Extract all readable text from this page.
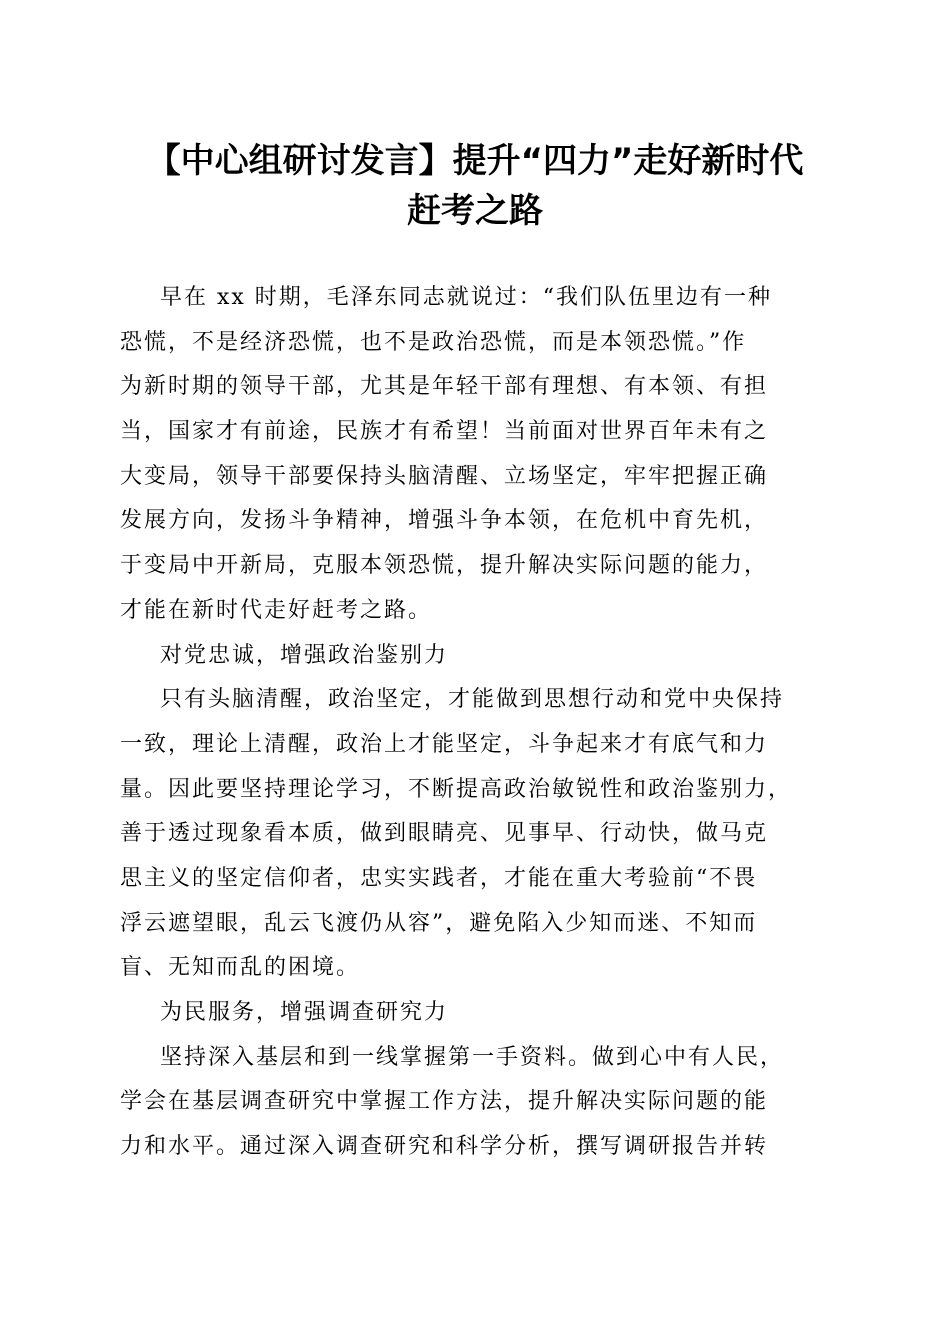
【中心组研讨发言】提升“四力”走好新时代
赶考之路
早在 xx 时期，毛泽东同志就说过：“我们队伍里边有一种
恐慌，不是经济恐慌，也不是政治恐慌，而是本领恐慌。”作
为新时期的领导干部，尤其是年轻干部有理想、有本领、有担
当，国家才有前途，民族才有希望！当前面对世界百年未有之
大变局，领导干部要保持头脑清醒、立场坚定，牢牢把握正确
发展方向，发扬斗争精神，增强斗争本领，在危机中育先机，
于变局中开新局，克服本领恐慌，提升解决实际问题的能力，
才能在新时代走好赶考之路。
对党忠诚，增强政治鉴别力
只有头脑清醒，政治坚定，才能做到思想行动和党中央保持
一致，理论上清醒，政治上才能坚定，斗争起来才有底气和力
量。因此要坚持理论学习，不断提高政治敏锐性和政治鉴别力，
善于透过现象看本质，做到眼睛亮、见事早、行动快，做马克
思主义的坚定信仰者，忠实实践者，才能在重大考验前“不畏
浮云遮望眼，乱云飞渡仍从容”，避免陷入少知而迷、不知而
盲、无知而乱的困境。
为民服务，增强调查研究力
坚持深入基层和到一线掌握第一手资料。做到心中有人民，
学会在基层调查研究中掌握工作方法，提升解决实际问题的能
力和水平。通过深入调查研究和科学分析，撰写调研报告并转
